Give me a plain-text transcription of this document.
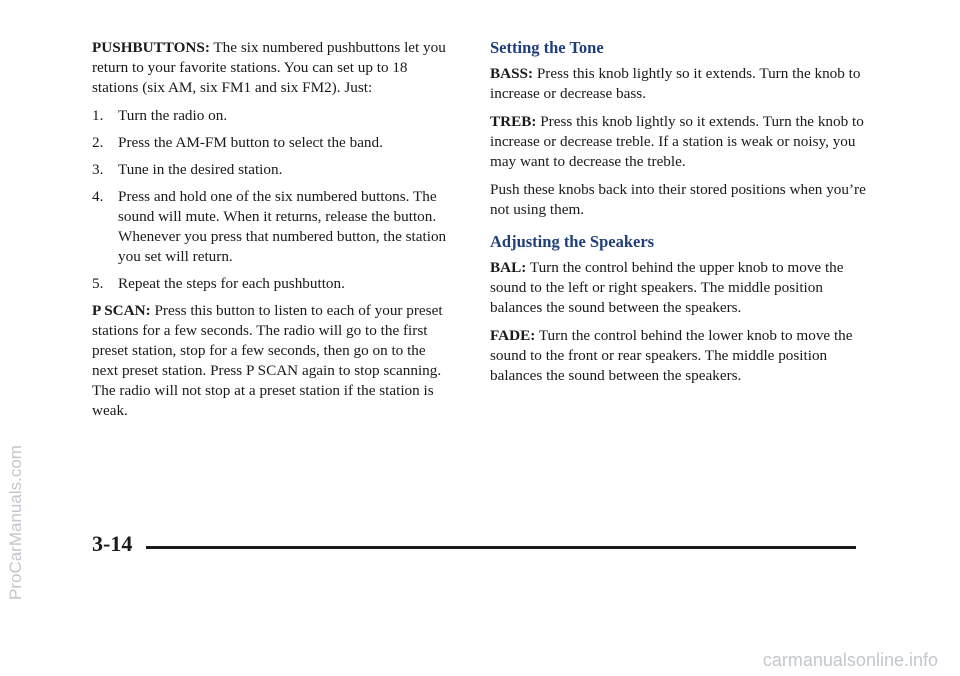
PUSHBUTTONS: The six numbered pushbuttons let you return to your favorite stations. You can set up to 18 stations (six AM, six FM1 and six FM2). Just:

1. Turn the radio on.
2. Press the AM-FM button to select the band.
3. Tune in the desired station.
4. Press and hold one of the six numbered buttons. The sound will mute. When it returns, release the button. Whenever you press that numbered button, the station you set will return.
5. Repeat the steps for each pushbutton.

P SCAN: Press this button to listen to each of your preset stations for a few seconds. The radio will go to the first preset station, stop for a few seconds, then go on to the next preset station. Press P SCAN again to stop scanning. The radio will not stop at a preset station if the station is weak.

Setting the Tone

BASS: Press this knob lightly so it extends. Turn the knob to increase or decrease bass.

TREB: Press this knob lightly so it extends. Turn the knob to increase or decrease treble. If a station is weak or noisy, you may want to decrease the treble.

Push these knobs back into their stored positions when you’re not using them.

Adjusting the Speakers

BAL: Turn the control behind the upper knob to move the sound to the left or right speakers. The middle position balances the sound between the speakers.

FADE: Turn the control behind the lower knob to move the sound to the front or rear speakers. The middle position balances the sound between the speakers.

3-14
ProCarManuals.com
carmanualsonline.info
